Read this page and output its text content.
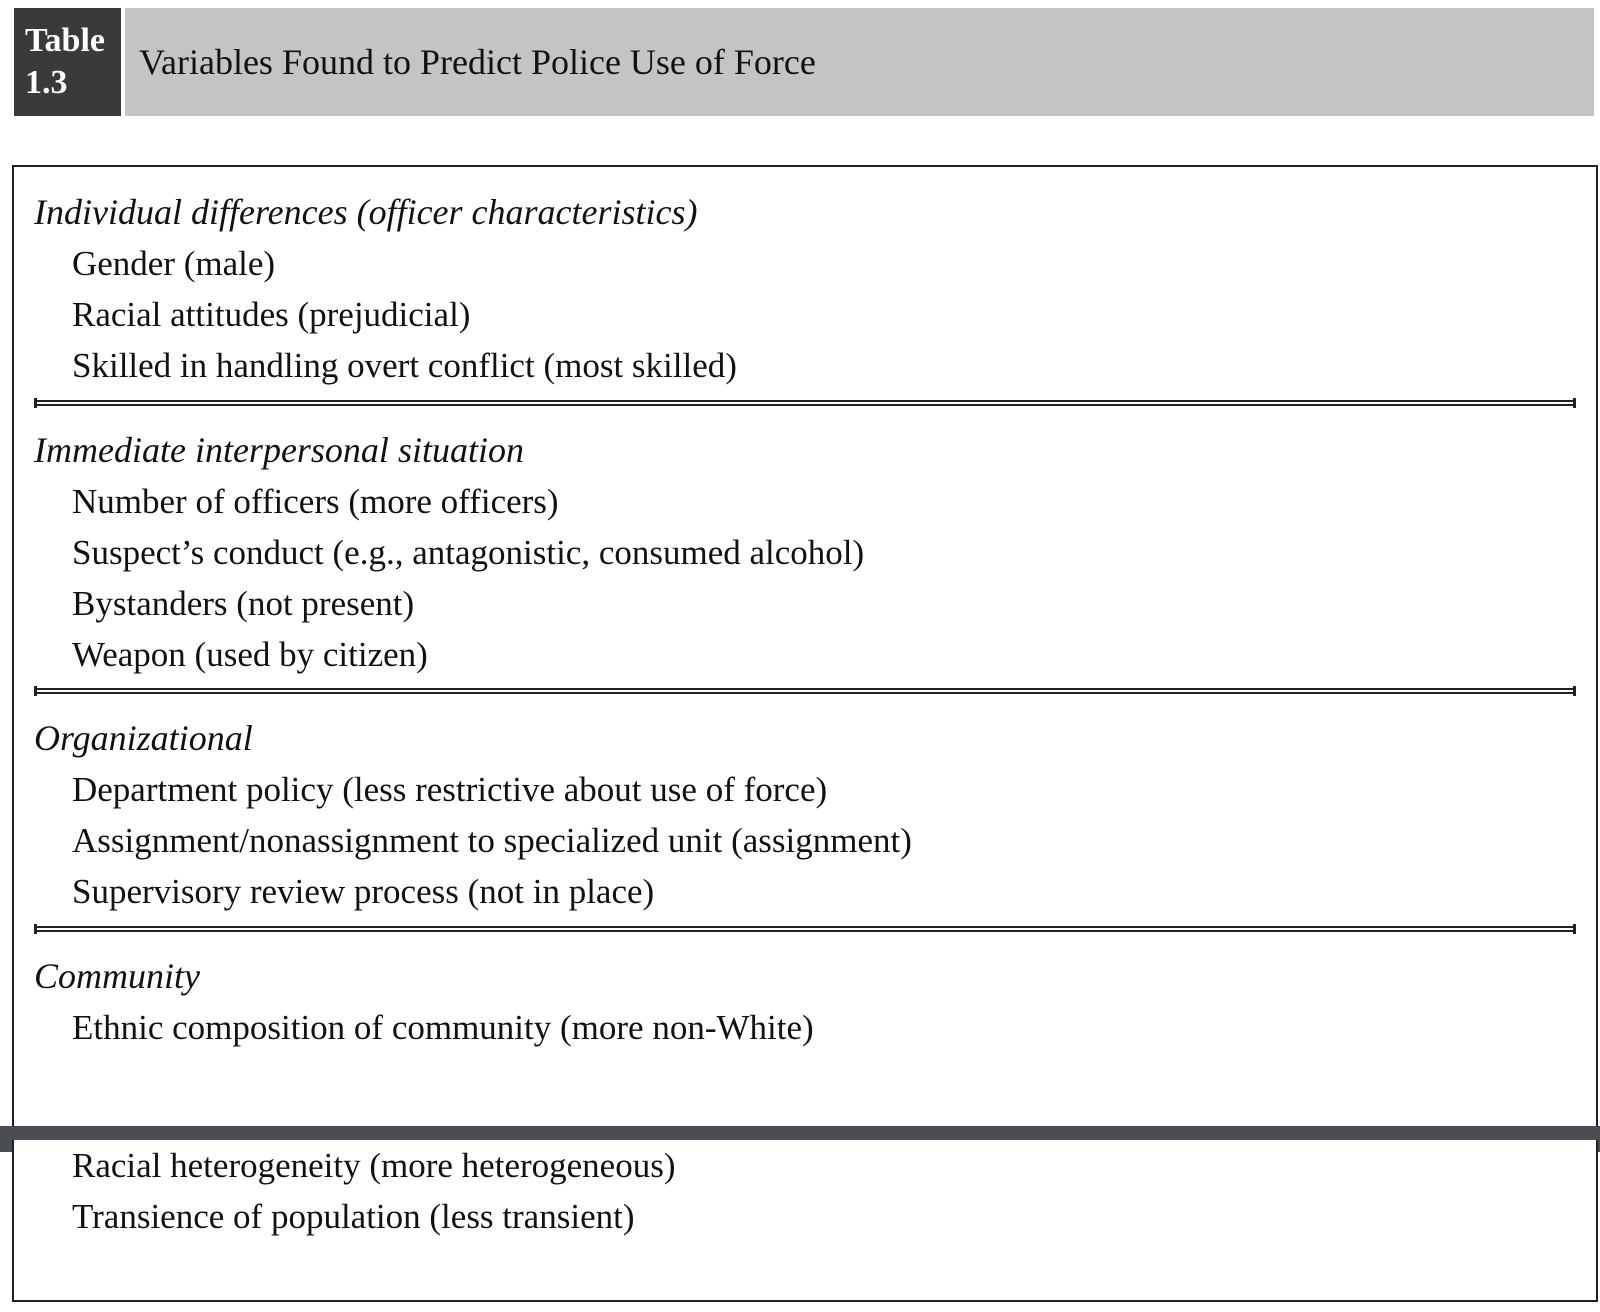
Table
1.3
Variables Found to Predict Police Use of Force
Individual differences (officer characteristics)
Gender (male)
Racial attitudes (prejudicial)
Skilled in handling overt conflict (most skilled)
Immediate interpersonal situation
Number of officers (more officers)
Suspect’s conduct (e.g., antagonistic, consumed alcohol)
Bystanders (not present)
Weapon (used by citizen)
Organizational
Department policy (less restrictive about use of force)
Assignment/nonassignment to specialized unit (assignment)
Supervisory review process (not in place)
Community
Ethnic composition of community (more non-White)
Racial heterogeneity (more heterogeneous)
Transience of population (less transient)
